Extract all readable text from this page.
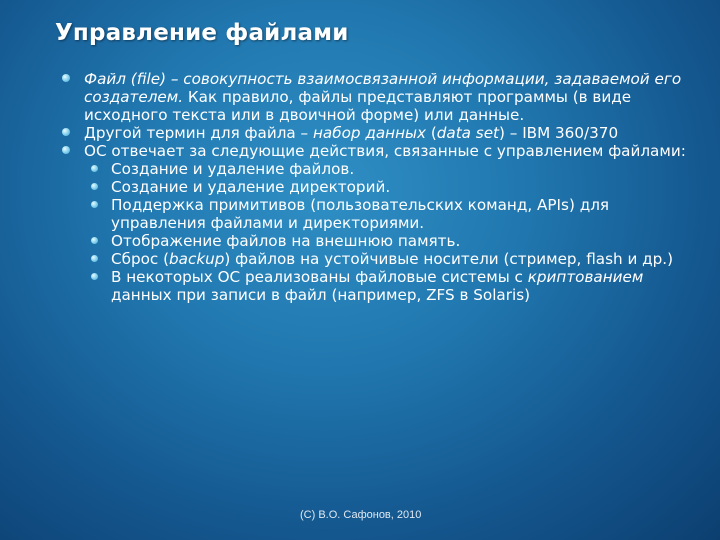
Управление файлами
Файл (file) – совокупность взаимосвязанной информации, задаваемой его создателем. Как правило, файлы представляют программы (в виде исходного текста или в двоичной форме) или данные.
Другой термин для файла – набор данных (data set) – IBM 360/370
ОС отвечает за следующие действия, связанные с управлением файлами:
Создание и удаление файлов.
Создание и удаление директорий.
Поддержка примитивов (пользовательских команд, APIs) для управления файлами и директориями.
Отображение файлов на внешнюю память.
Сброс (backup) файлов на устойчивые носители (стример, flash и др.)
В некоторых ОС реализованы файловые системы с криптованием данных при записи в файл (например, ZFS в Solaris)
(C) В.О. Сафонов, 2010
